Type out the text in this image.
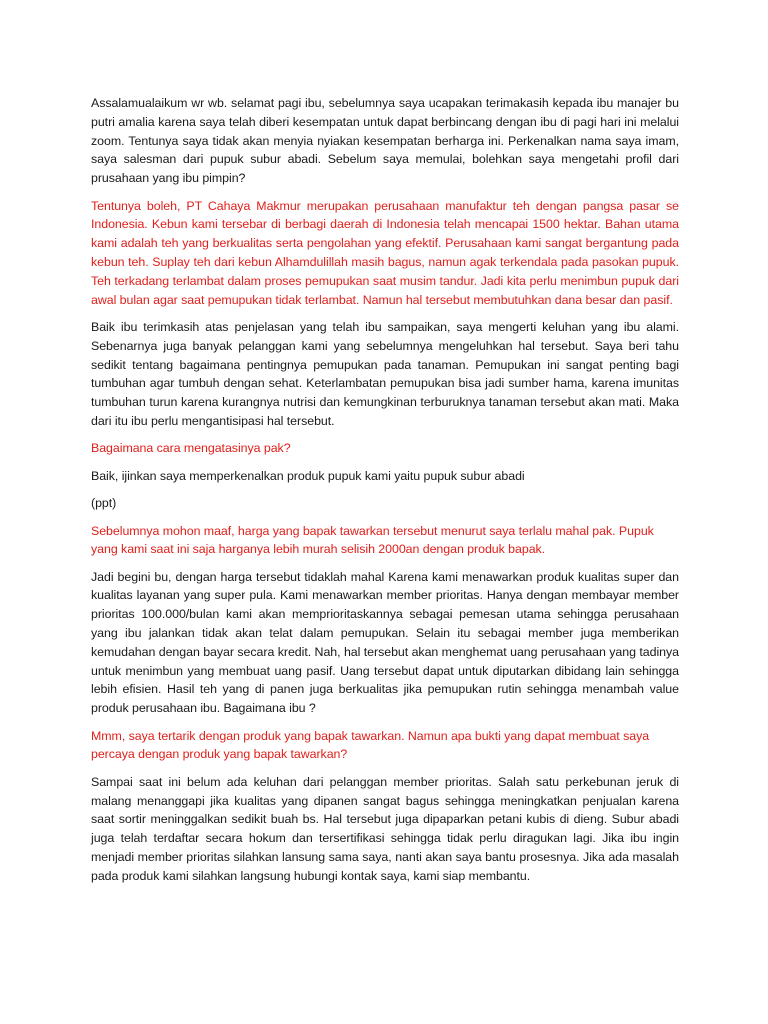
Assalamualaikum wr wb. selamat pagi ibu, sebelumnya saya ucapakan terimakasih kepada ibu manajer bu putri amalia karena saya telah diberi kesempatan untuk dapat berbincang dengan ibu di pagi hari ini melalui zoom. Tentunya saya tidak akan menyia nyiakan kesempatan berharga ini. Perkenalkan nama saya imam, saya salesman dari pupuk subur abadi. Sebelum saya memulai, bolehkan saya mengetahi profil dari prusahaan yang ibu pimpin?

Tentunya boleh, PT Cahaya Makmur merupakan perusahaan manufaktur teh dengan pangsa pasar se Indonesia. Kebun kami tersebar di berbagi daerah di Indonesia telah mencapai 1500 hektar. Bahan utama kami adalah teh yang berkualitas serta pengolahan yang efektif. Perusahaan kami sangat bergantung pada kebun teh. Suplay teh dari kebun Alhamdulillah masih bagus, namun agak terkendala pada pasokan pupuk. Teh terkadang terlambat dalam proses pemupukan saat musim tandur. Jadi kita perlu menimbun pupuk dari awal bulan agar saat pemupukan tidak terlambat. Namun hal tersebut membutuhkan dana besar dan pasif.

Baik ibu terimkasih atas penjelasan yang telah ibu sampaikan, saya mengerti keluhan yang ibu alami. Sebenarnya juga banyak pelanggan kami yang sebelumnya mengeluhkan hal tersebut. Saya beri tahu sedikit tentang bagaimana pentingnya pemupukan pada tanaman. Pemupukan ini sangat penting bagi tumbuhan agar tumbuh dengan sehat. Keterlambatan pemupukan bisa jadi sumber hama, karena imunitas tumbuhan turun karena kurangnya nutrisi dan kemungkinan terburuknya tanaman tersebut akan mati. Maka dari itu ibu perlu mengantisipasi hal tersebut.

Bagaimana cara mengatasinya pak?

Baik, ijinkan saya memperkenalkan produk pupuk kami yaitu pupuk subur abadi

(ppt)

Sebelumnya mohon maaf, harga yang bapak tawarkan tersebut menurut saya terlalu mahal pak. Pupuk yang kami saat ini saja harganya lebih murah selisih 2000an dengan produk bapak.

Jadi begini bu, dengan harga tersebut tidaklah mahal Karena kami menawarkan produk kualitas super dan kualitas layanan yang super pula. Kami menawarkan member prioritas. Hanya dengan membayar member prioritas 100.000/bulan kami akan memprioritaskannya sebagai pemesan utama sehingga perusahaan yang ibu jalankan tidak akan telat dalam pemupukan. Selain itu sebagai member juga memberikan kemudahan dengan bayar secara kredit. Nah, hal tersebut akan menghemat uang perusahaan yang tadinya untuk menimbun yang membuat uang pasif. Uang tersebut dapat untuk diputarkan dibidang lain sehingga lebih efisien. Hasil teh yang di panen juga berkualitas jika pemupukan rutin sehingga menambah value produk perusahaan ibu. Bagaimana ibu ?

Mmm, saya tertarik dengan produk yang bapak tawarkan. Namun apa bukti yang dapat membuat saya percaya dengan produk yang bapak tawarkan?

Sampai saat ini belum ada keluhan dari pelanggan member prioritas. Salah satu perkebunan jeruk di malang menanggapi jika kualitas yang dipanen sangat bagus sehingga meningkatkan penjualan karena saat sortir meninggalkan sedikit buah bs. Hal tersebut juga dipaparkan petani kubis di dieng. Subur abadi juga telah terdaftar secara hokum dan tersertifikasi sehingga tidak perlu diragukan lagi. Jika ibu ingin menjadi member prioritas silahkan lansung sama saya, nanti akan saya bantu prosesnya. Jika ada masalah pada produk kami silahkan langsung hubungi kontak saya, kami siap membantu.
